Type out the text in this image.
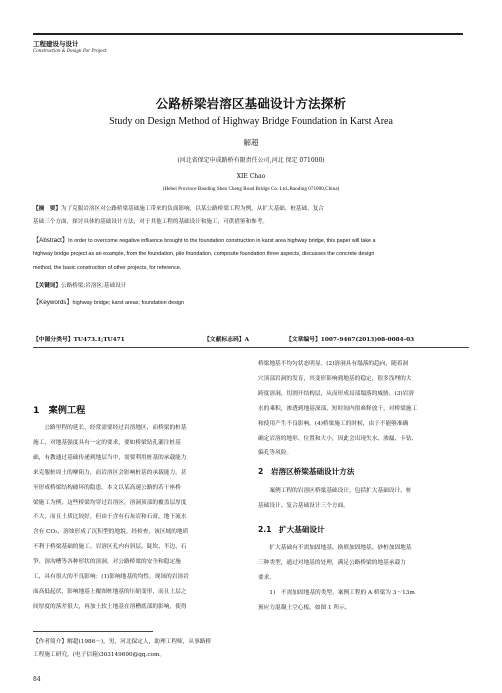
工程建设与设计
Construction & Design For Project
公路桥梁岩溶区基础设计方法探析
Study on Design Method of Highway Bridge Foundation in Karst Area
解超
(河北省保定申成路桥有限责任公司,河北 保定 071000)
XIE Chao
(Hebei Province Baoding Shen Cheng Road Bridge Co. Ltd.,Baoding 071000,China)
【摘　要】为了克服岩溶区对公路桥梁基础施工带来的负面影响，以某公路桥梁工程为例，从扩大基础、桩基础、复合
基础三个方面，探讨具体的基础设计方法，对于其他工程的基础设计和施工，可供借鉴和参考。
【Abstract】In order to overcome negative influence brought to the foundation construction in karst area highway bridge, this paper will take a
highway bridge project as an example, from the foundation, pile foundation, composite foundation three aspects, discusses the concrete design
method, the basic construction of other projects, for reference.
【关键词】公路桥梁;岩溶区;基础设计
【Keywords】highway bridge; karst areas; foundation design
【中图分类号】TU473.1;TU471	【文献标志码】A	【文章编号】1007-9467(2013)08-0084-03
1　案例工程

　　公路里程的延长，经常需要经过岩溶地区，而桥梁的桩基

施工，对地基强度具有一定的要求，要如桥梁钻孔灌注桩基

础，有教通过基础传递到地层当中，需要利用桩基的承载能力

来克服桩周土的摩阻力，而岩溶区会影响桩基的承载能力，甚

至形成桥梁结构破坏的隐患。本文以某高速公路的若干座桥

梁施工为例，这些桥梁均穿过岩溶区，溶洞顶部的覆盖层厚度

不大，而且土质比较好，但由于含有石灰岩和石膏，地下流水

含有 CO₂，溶蚀形成了沉积型的地貌。经检查，该区域的地质

不利于桥梁基础的施工。岩溶区孔内有斜层、陡坎、半边、石

笋、溶沟槽等各种形状的溶洞。对公路桥梁的安全和稳定施

工，具有很大的不良影响：(1)影响地基的均性。现场的岩溶岩

面高低起伏，影响地基上覆图桩地基的压缩变形，而且土层之

间厚度的落差很大，再加上软土地基在溶槽底部的影响，使得

【作者简介】解超(1986～)，男，河北保定人，助理工程师，从事路桥

工程施工研究，(电子信箱)303149690@qq.com。

84

桥梁地基不均匀状态明显。(2)溶洞具有塌落的趋向，随着洞

穴顶部岩洞的发育，其变形影响到地基的稳定，很多浅埋的大

跨度溶洞，切割开结构层，从而形成局部塌落的威胁。(3)岩溶

水的乘积，渗透到地基深部，短时间内很难释放干，对桥梁施工

和使用产生不良影响。(4)桥梁施工的时候，由于不能够准确

确定岩溶的地形、位置和大小，因此会出现失水、渗漏、卡钻、

偏孔等风险。

2　岩溶区桥梁基础设计方法

　　案例工程的岩溶区桥梁基础设计，包括扩大基础设计、桩

基础设计、复合基础设计三个方面。

2.1　扩大基础设计

　　扩大基础有不需加固地基、换填加固地基、砂桩加固地基

三种类型，通过对地基的处理，满足公路桥梁的地基承载力

要求。

　　1)　不需加固地基的类型。案例工程的 A 桥梁为 3～13m

预应力混凝土空心板，如图 1 所示。
